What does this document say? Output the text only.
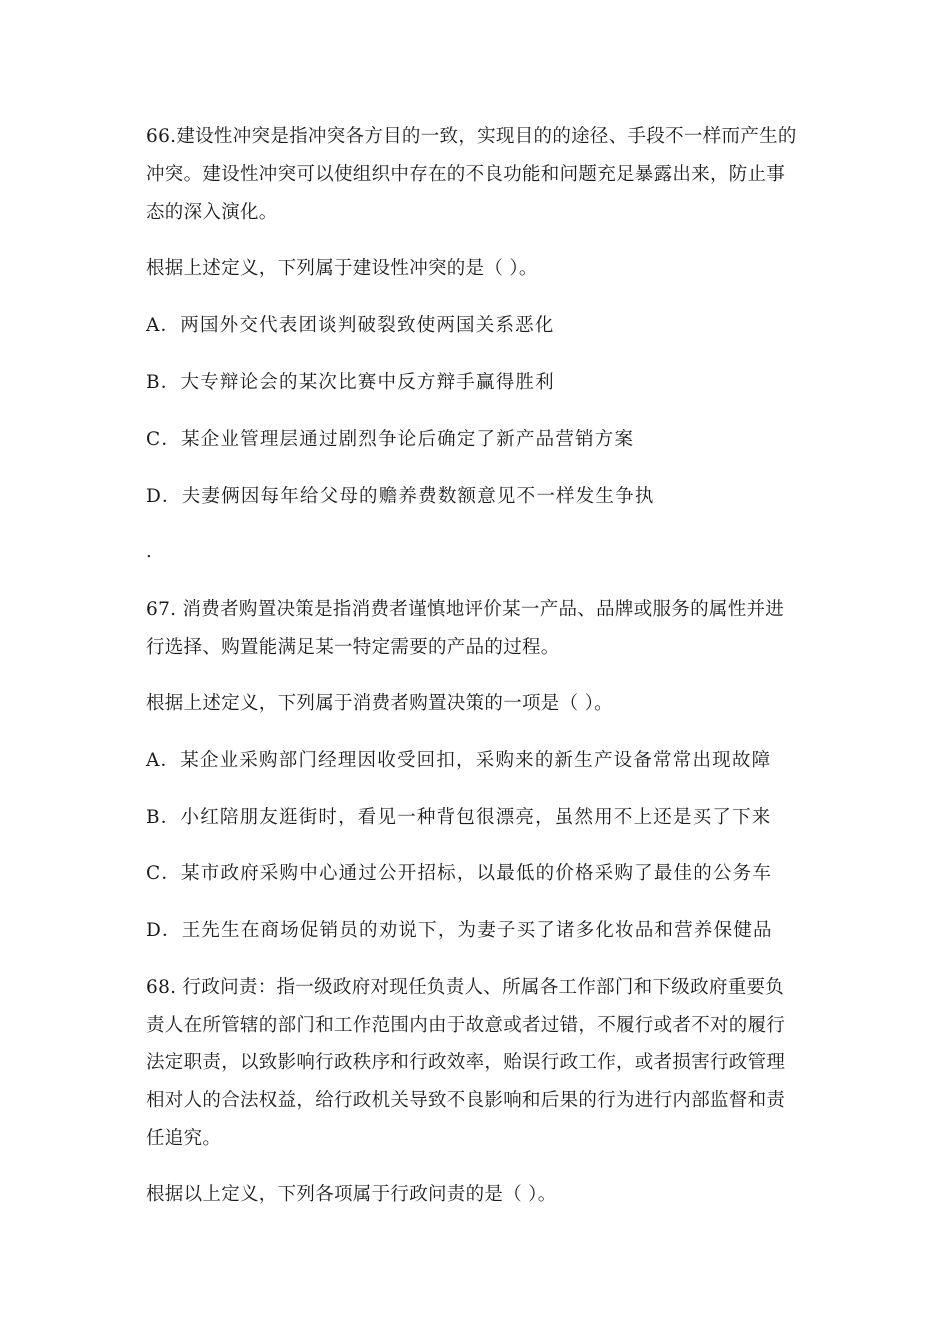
66.建设性冲突是指冲突各方目的一致，实现目的的途径、手段不一样而产生的
冲突。建设性冲突可以使组织中存在的不良功能和问题充足暴露出来，防止事
态的深入演化。
根据上述定义，下列属于建设性冲突的是（ ）。
A．两国外交代表团谈判破裂致使两国关系恶化
B．大专辩论会的某次比赛中反方辩手赢得胜利
C．某企业管理层通过剧烈争论后确定了新产品营销方案
D．夫妻俩因每年给父母的赡养费数额意见不一样发生争执
.
67. 消费者购置决策是指消费者谨慎地评价某一产品、品牌或服务的属性并进
行选择、购置能满足某一特定需要的产品的过程。
根据上述定义，下列属于消费者购置决策的一项是（ ）。
A．某企业采购部门经理因收受回扣，采购来的新生产设备常常出现故障
B．小红陪朋友逛街时，看见一种背包很漂亮，虽然用不上还是买了下来
C．某市政府采购中心通过公开招标，以最低的价格采购了最佳的公务车
D．王先生在商场促销员的劝说下，为妻子买了诸多化妆品和营养保健品
68. 行政问责：指一级政府对现任负责人、所属各工作部门和下级政府重要负
责人在所管辖的部门和工作范围内由于故意或者过错，不履行或者不对的履行
法定职责，以致影响行政秩序和行政效率，贻误行政工作，或者损害行政管理
相对人的合法权益，给行政机关导致不良影响和后果的行为进行内部监督和责
任追究。
根据以上定义，下列各项属于行政问责的是（ ）。
